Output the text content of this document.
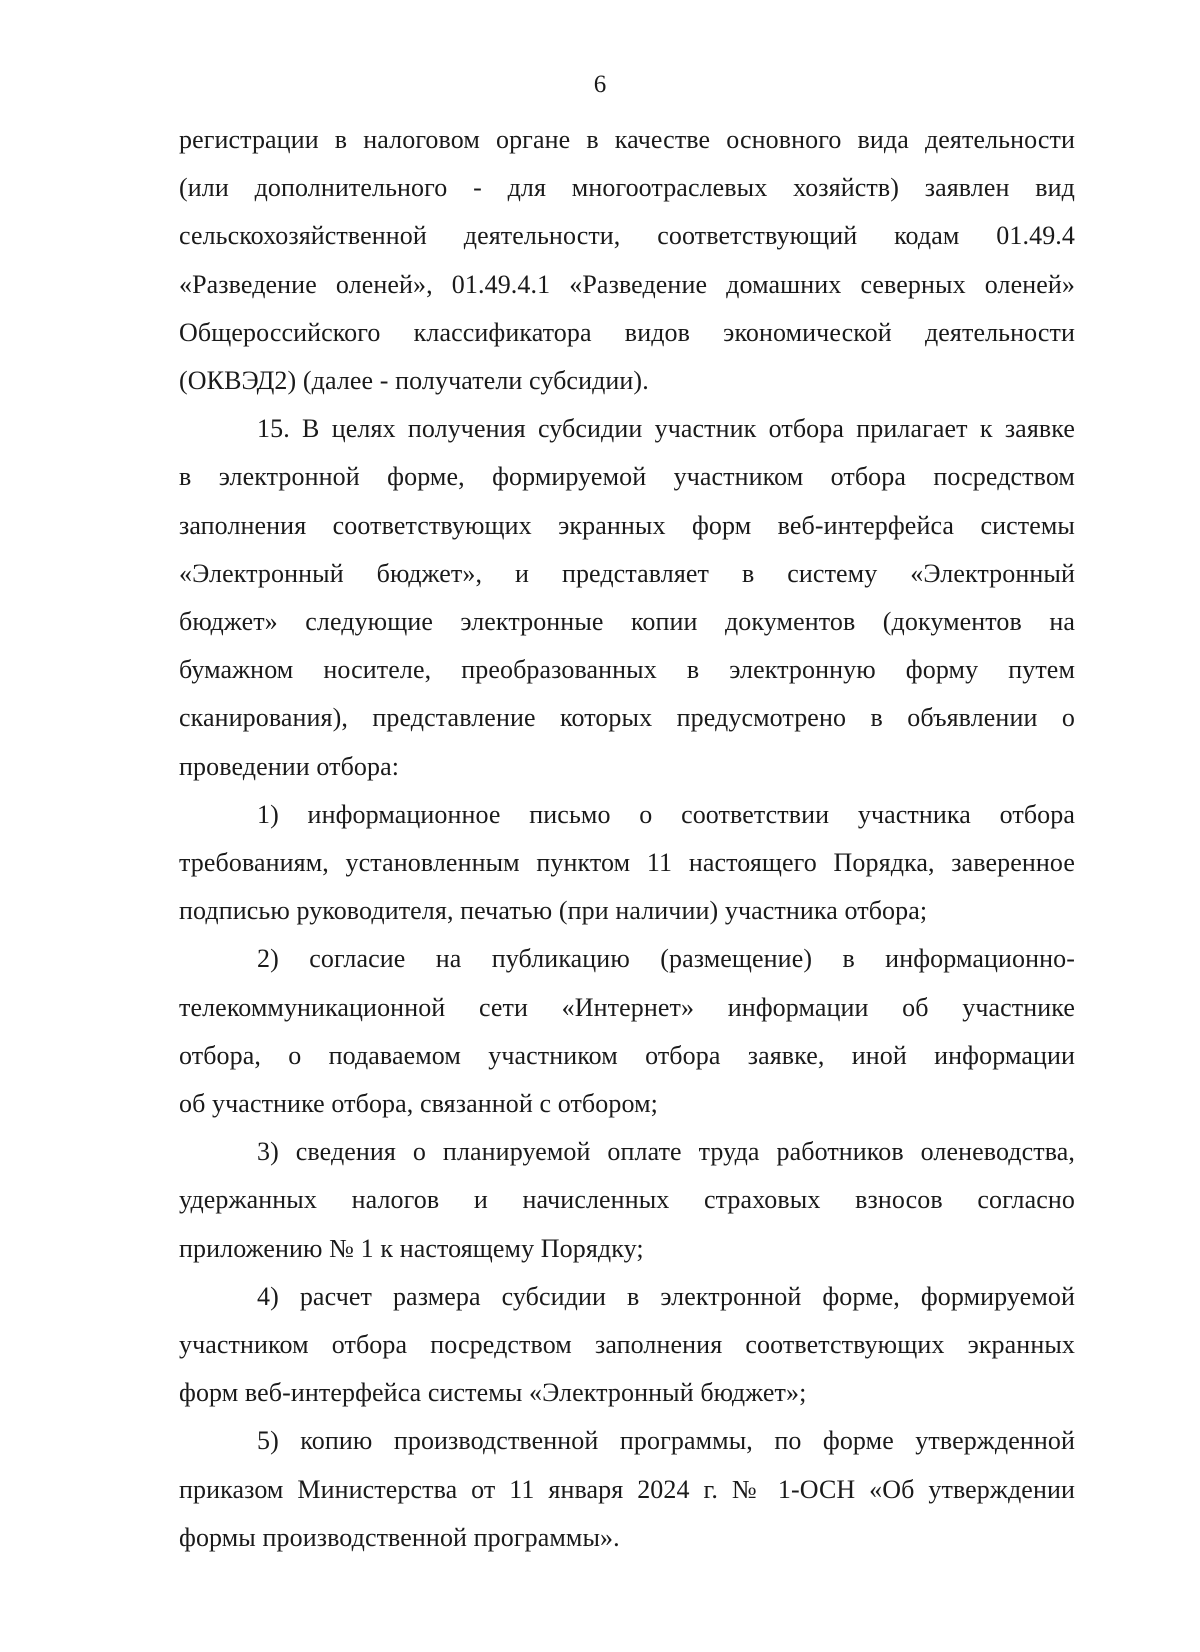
6

регистрации в налоговом органе в качестве основного вида деятельности
(или дополнительного - для многоотраслевых хозяйств) заявлен вид
сельскохозяйственной деятельности, соответствующий кодам 01.49.4
«Разведение оленей», 01.49.4.1 «Разведение домашних северных оленей»
Общероссийского классификатора видов экономической деятельности
(ОКВЭД2) (далее - получатели субсидии).

15. В целях получения субсидии участник отбора прилагает к заявке
в электронной форме, формируемой участником отбора посредством
заполнения соответствующих экранных форм веб-интерфейса системы
«Электронный бюджет», и представляет в систему «Электронный
бюджет» следующие электронные копии документов (документов на
бумажном носителе, преобразованных в электронную форму путем
сканирования), представление которых предусмотрено в объявлении о
проведении отбора:

1) информационное письмо о соответствии участника отбора
требованиям, установленным пунктом 11 настоящего Порядка, заверенное
подписью руководителя, печатью (при наличии) участника отбора;

2) согласие на публикацию (размещение) в информационно-
телекоммуникационной сети «Интернет» информации об участнике
отбора, о подаваемом участником отбора заявке, иной информации
об участнике отбора, связанной с отбором;

3) сведения о планируемой оплате труда работников оленеводства,
удержанных налогов и начисленных страховых взносов согласно
приложению № 1 к настоящему Порядку;

4) расчет размера субсидии в электронной форме, формируемой
участником отбора посредством заполнения соответствующих экранных
форм веб-интерфейса системы «Электронный бюджет»;

5) копию производственной программы, по форме утвержденной
приказом Министерства от 11 января 2024 г. № 1-ОСН «Об утверждении
формы производственной программы».
